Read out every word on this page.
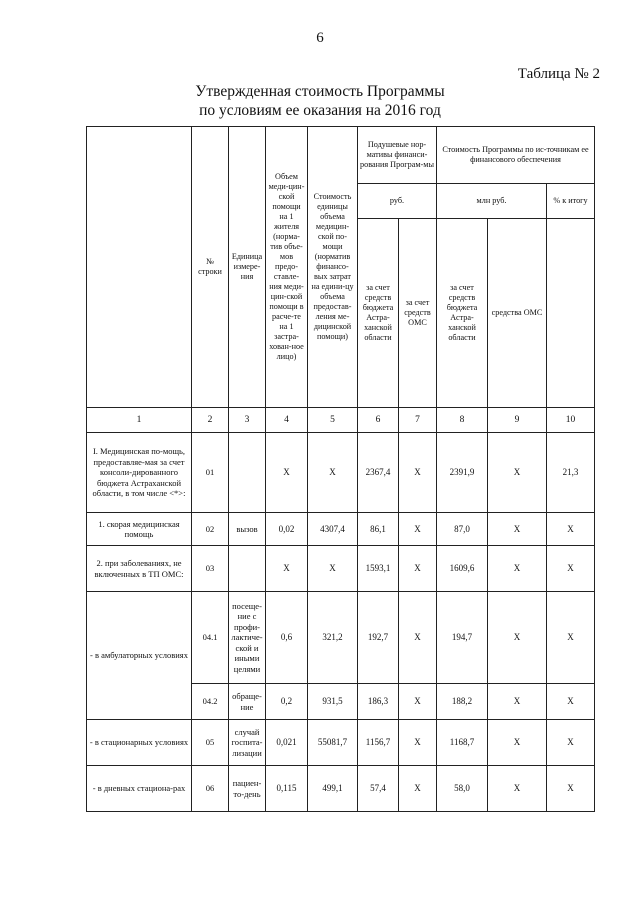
6
Таблица № 2
Утвержденная стоимость Программы
по условиям ее оказания на 2016 год
	№ строки	Единица измере-ния	Объем меди-цин-ской помощи на 1 жителя (норма-тив объе-мов предо-ставле-ния меди-цин-ской помощи в расче-те на 1 застра-хован-ное лицо)	Стоимость единицы объема медицин-ской по-мощи (норматив финансо-вых затрат на едини-цу объема предостав-ления ме-дицинской помощи)	Подушевые нор-мативы финанси-рования Програм-мы		Стоимость Программы по ис-точникам ее финансового обеспечения		
					руб.		млн руб.		% к итогу
					за счет средств бюджета Астра-ханской области	за счет средств ОМС	за счет средств бюджета Астра-ханской области	средства ОМС	
1	2	3	4	5	6	7	8	9	10
I. Медицинская по-мощь, предоставляе-мая за счет консоли-дированного бюджета Астраханской области, в том числе <*>:	01		X	X	2367,4	X	2391,9	X	21,3
1. скорая медицинская помощь	02	вызов	0,02	4307,4	86,1	X	87,0	X	X
2. при заболеваниях, не включенных в ТП ОМС:	03		X	X	1593,1	X	1609,6	X	X
- в амбулаторных условиях	04.1	посеще-ние с профи-лактиче-ской и иными целями	0,6	321,2	192,7	X	194,7	X	X
	04.2	обраще-ние	0,2	931,5	186,3	X	188,2	X	X
- в стационарных условиях	05	случай госпита-лизации	0,021	55081,7	1156,7	X	1168,7	X	X
- в дневных стациона-рах	06	пациен-то-день	0,115	499,1	57,4	X	58,0	X	X
